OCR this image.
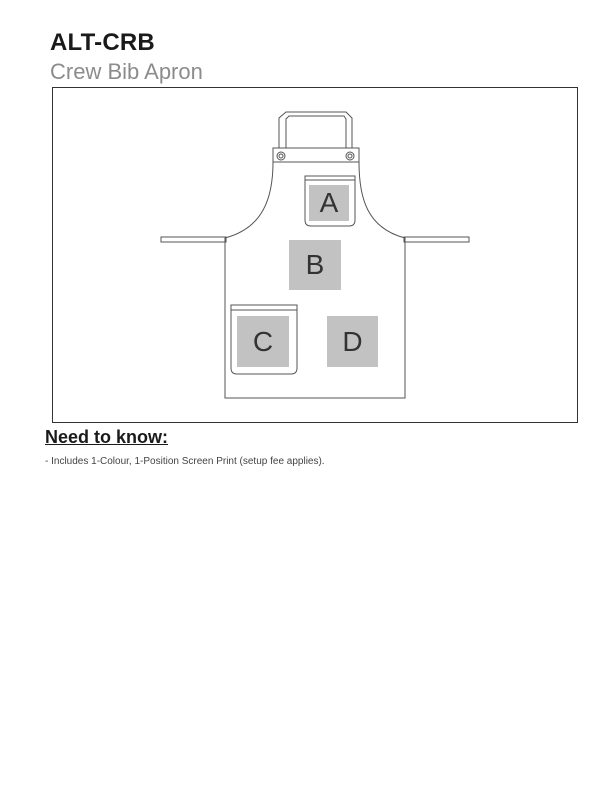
ALT-CRB
Crew Bib Apron
A
B
C	D
Need to know:
- Includes 1-Colour, 1-Position Screen Print (setup fee applies).
